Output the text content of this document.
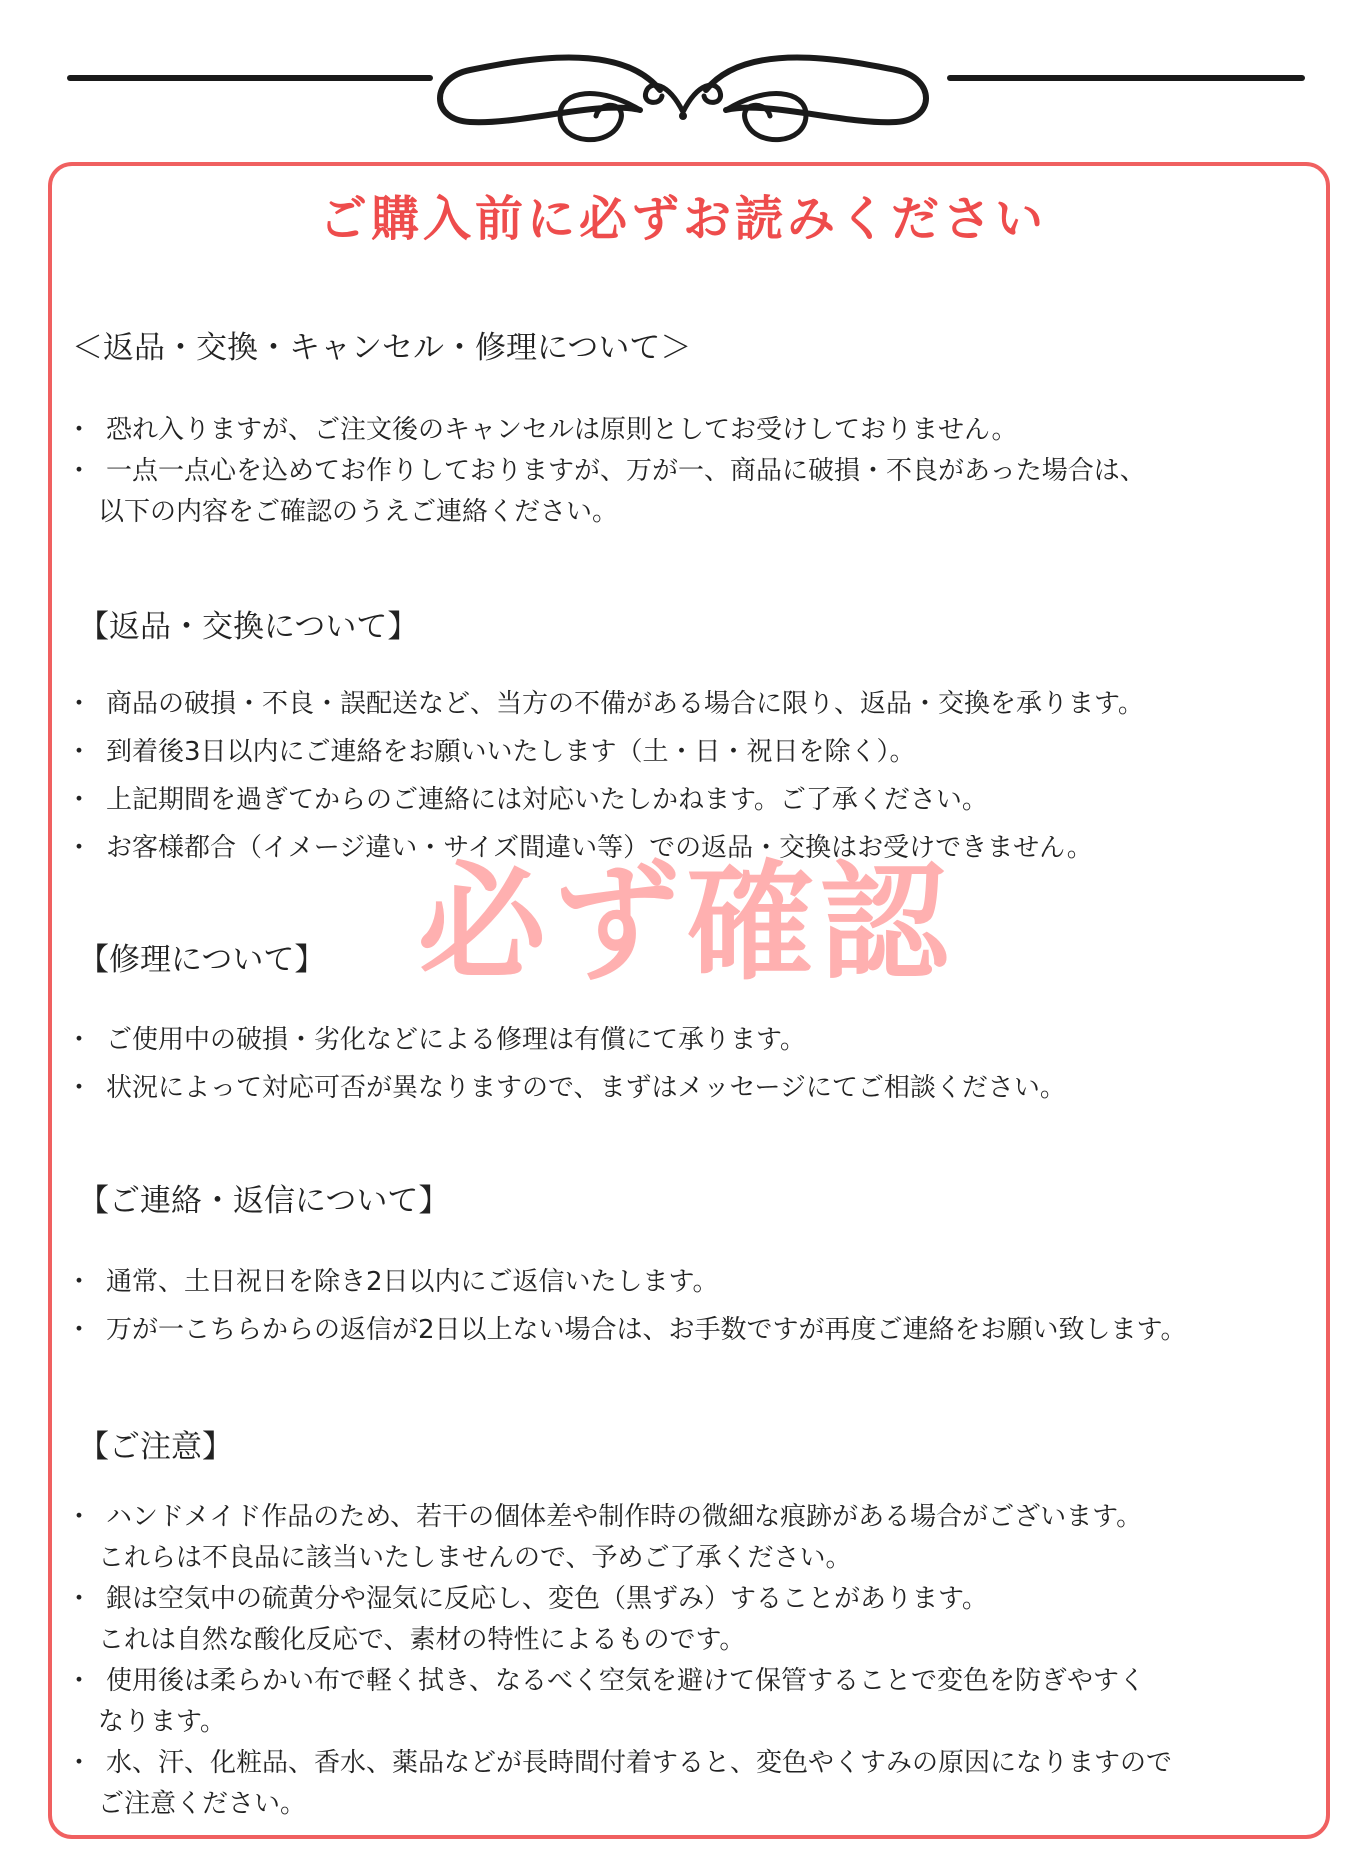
ご購入前に必ずお読みください
必ず確認
＜返品・交換・キャンセル・修理について＞
・ 恐れ入りますが、ご注文後のキャンセルは原則としてお受けしておりません。
・ 一点一点心を込めてお作りしておりますが、万が一、商品に破損・不良があった場合は、
以下の内容をご確認のうえご連絡ください。
【返品・交換について】
・ 商品の破損・不良・誤配送など、当方の不備がある場合に限り、返品・交換を承ります。
・ 到着後3日以内にご連絡をお願いいたします（土・日・祝日を除く）。
・ 上記期間を過ぎてからのご連絡には対応いたしかねます。ご了承ください。
・ お客様都合（イメージ違い・サイズ間違い等）での返品・交換はお受けできません。
【修理について】
・ ご使用中の破損・劣化などによる修理は有償にて承ります。
・ 状況によって対応可否が異なりますので、まずはメッセージにてご相談ください。
【ご連絡・返信について】
・ 通常、土日祝日を除き2日以内にご返信いたします。
・ 万が一こちらからの返信が2日以上ない場合は、お手数ですが再度ご連絡をお願い致します。
【ご注意】
・ ハンドメイド作品のため、若干の個体差や制作時の微細な痕跡がある場合がございます。
これらは不良品に該当いたしませんので、予めご了承ください。
・ 銀は空気中の硫黄分や湿気に反応し、変色（黒ずみ）することがあります。
これは自然な酸化反応で、素材の特性によるものです。
・ 使用後は柔らかい布で軽く拭き、なるべく空気を避けて保管することで変色を防ぎやすく
なります。
・ 水、汗、化粧品、香水、薬品などが長時間付着すると、変色やくすみの原因になりますので
ご注意ください。
